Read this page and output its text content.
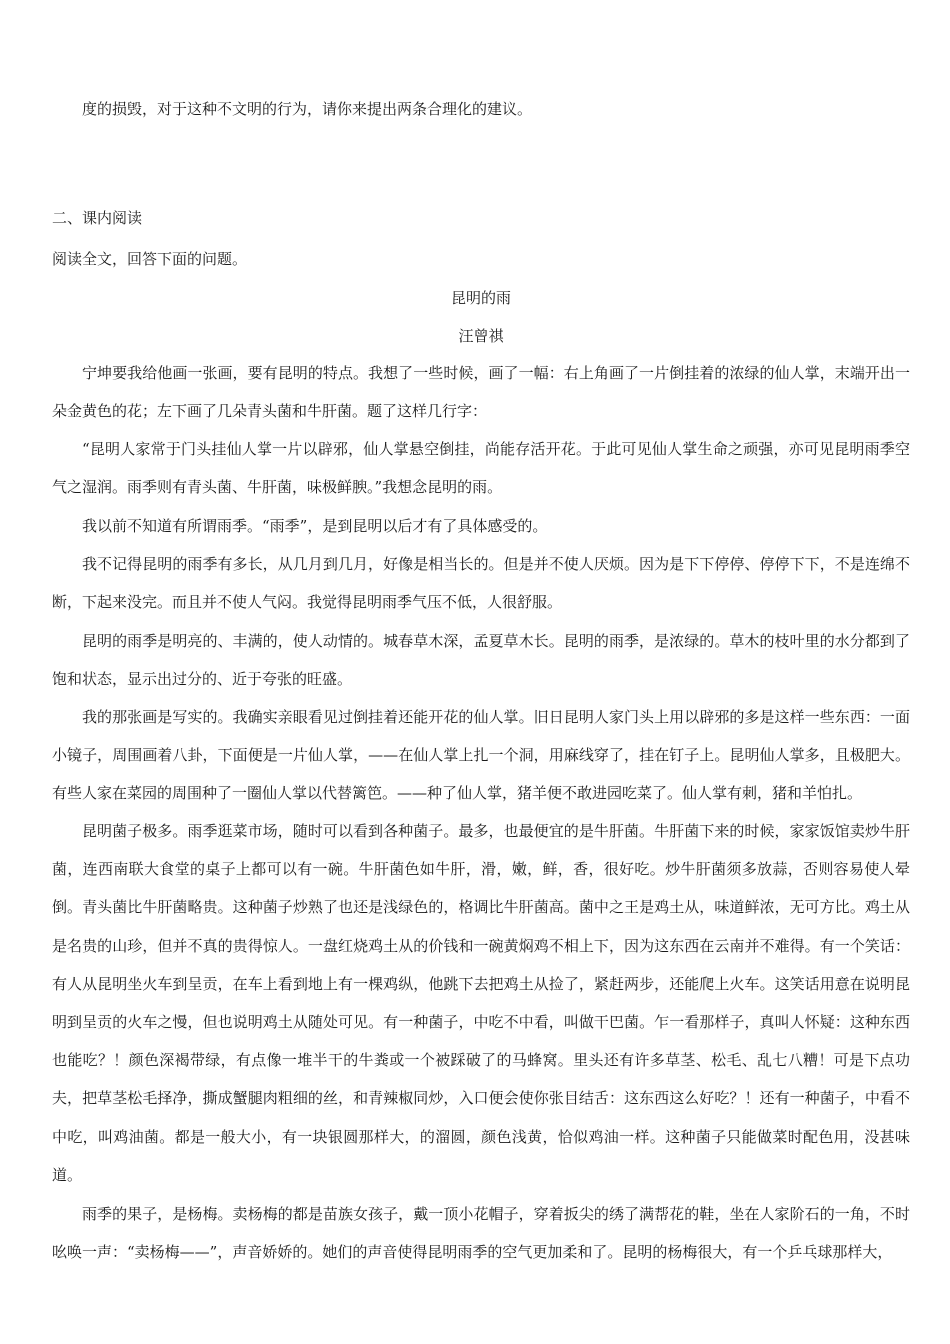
度的损毁，对于这种不文明的行为，请你来提出两条合理化的建议。
二、课内阅读
阅读全文，回答下面的问题。
昆明的雨
汪曾祺
宁坤要我给他画一张画，要有昆明的特点。我想了一些时候，画了一幅：右上角画了一片倒挂着的浓绿的仙人掌，末端开出一朵金黄色的花；左下画了几朵青头菌和牛肝菌。题了这样几行字：
“昆明人家常于门头挂仙人掌一片以辟邪，仙人掌悬空倒挂，尚能存活开花。于此可见仙人掌生命之顽强，亦可见昆明雨季空气之湿润。雨季则有青头菌、牛肝菌，味极鲜腴。”我想念昆明的雨。
我以前不知道有所谓雨季。“雨季”，是到昆明以后才有了具体感受的。
我不记得昆明的雨季有多长，从几月到几月，好像是相当长的。但是并不使人厌烦。因为是下下停停、停停下下，不是连绵不断，下起来没完。而且并不使人气闷。我觉得昆明雨季气压不低，人很舒服。
昆明的雨季是明亮的、丰满的，使人动情的。城春草木深，孟夏草木长。昆明的雨季，是浓绿的。草木的枝叶里的水分都到了饱和状态，显示出过分的、近于夸张的旺盛。
我的那张画是写实的。我确实亲眼看见过倒挂着还能开花的仙人掌。旧日昆明人家门头上用以辟邪的多是这样一些东西：一面小镜子，周围画着八卦，下面便是一片仙人掌，——在仙人掌上扎一个洞，用麻线穿了，挂在钉子上。昆明仙人掌多，且极肥大。有些人家在菜园的周围种了一圈仙人掌以代替篱笆。——种了仙人掌，猪羊便不敢进园吃菜了。仙人掌有刺，猪和羊怕扎。
昆明菌子极多。雨季逛菜市场，随时可以看到各种菌子。最多，也最便宜的是牛肝菌。牛肝菌下来的时候，家家饭馆卖炒牛肝菌，连西南联大食堂的桌子上都可以有一碗。牛肝菌色如牛肝，滑，嫩，鲜，香，很好吃。炒牛肝菌须多放蒜，否则容易使人晕倒。青头菌比牛肝菌略贵。这种菌子炒熟了也还是浅绿色的，格调比牛肝菌高。菌中之王是鸡土从，味道鲜浓，无可方比。鸡土从是名贵的山珍，但并不真的贵得惊人。一盘红烧鸡土从的价钱和一碗黄焖鸡不相上下，因为这东西在云南并不难得。有一个笑话：有人从昆明坐火车到呈贡，在车上看到地上有一棵鸡纵，他跳下去把鸡土从捡了，紧赶两步，还能爬上火车。这笑话用意在说明昆明到呈贡的火车之慢，但也说明鸡土从随处可见。有一种菌子，中吃不中看，叫做干巴菌。乍一看那样子，真叫人怀疑：这种东西也能吃？！颜色深褐带绿，有点像一堆半干的牛粪或一个被踩破了的马蜂窝。里头还有许多草茎、松毛、乱七八糟！可是下点功夫，把草茎松毛择净，撕成蟹腿肉粗细的丝，和青辣椒同炒，入口便会使你张目结舌：这东西这么好吃？！还有一种菌子，中看不中吃，叫鸡油菌。都是一般大小，有一块银圆那样大，的溜圆，颜色浅黄，恰似鸡油一样。这种菌子只能做菜时配色用，没甚味道。
雨季的果子，是杨梅。卖杨梅的都是苗族女孩子，戴一顶小花帽子，穿着扳尖的绣了满帮花的鞋，坐在人家阶石的一角，不时吆唤一声：“卖杨梅——”，声音娇娇的。她们的声音使得昆明雨季的空气更加柔和了。昆明的杨梅很大，有一个乒乓球那样大，
